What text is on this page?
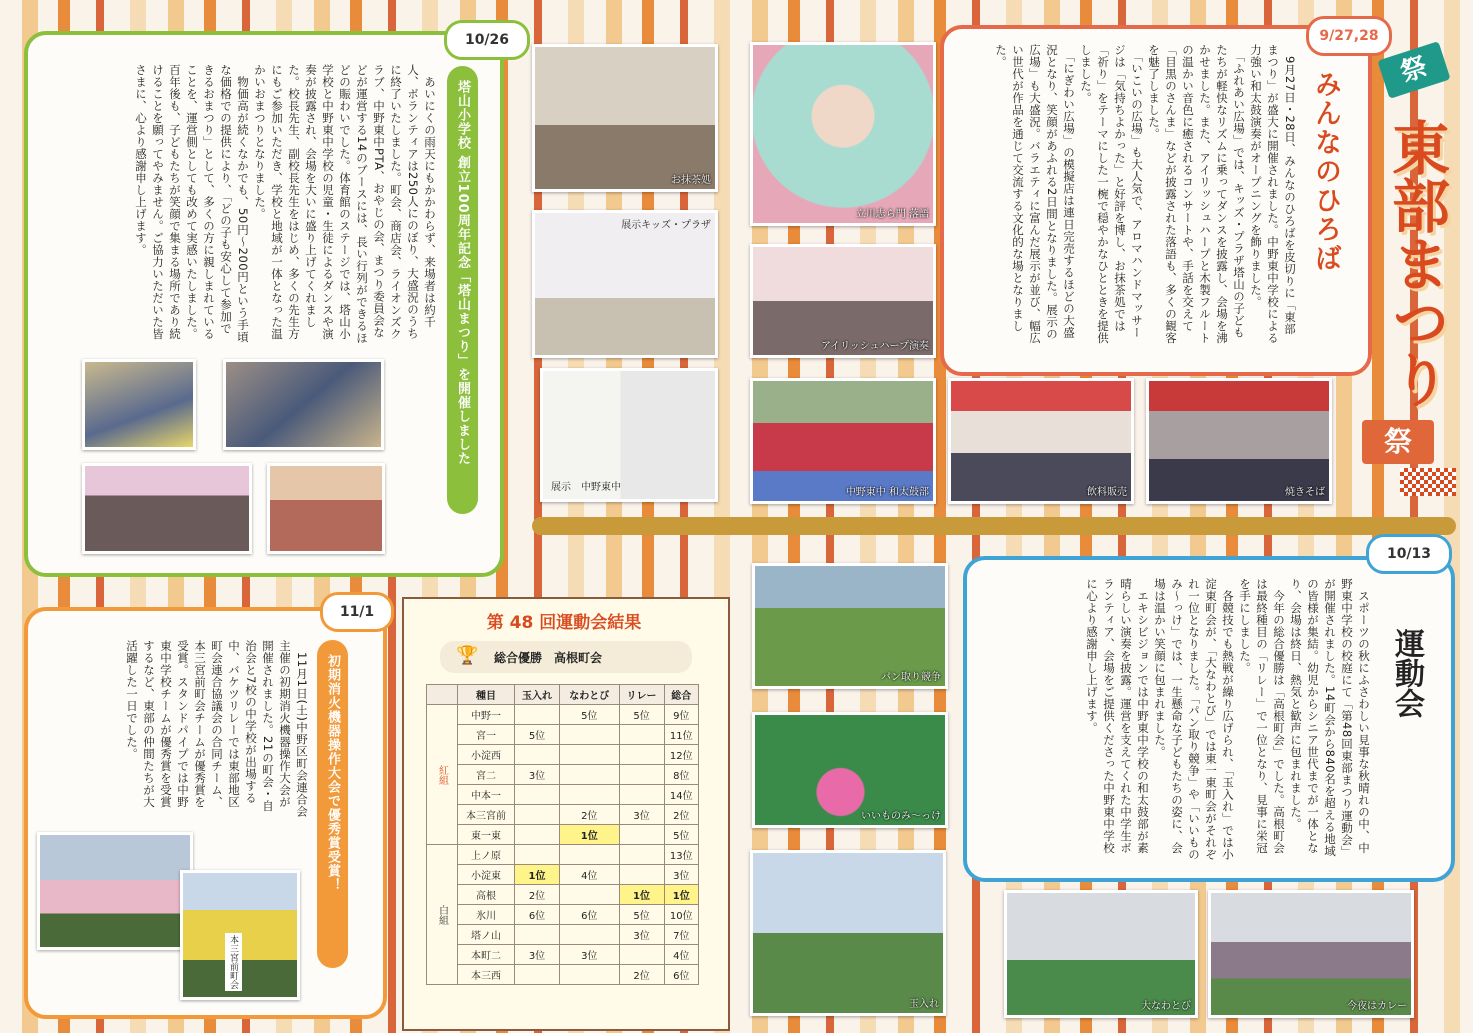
10/26
塔山小学校 創立100周年記念「塔山まつり」を開催しました
　あいにくの雨天にもかかわらず、来場者は約千人、ボランティアは250人にのぼり、大盛況のうちに終了いたしました。町会、商店会、ライオンズクラブ、中野東中PTA、おやじの会、まつり委員会などが運営する14のブースには、長い行列ができるほどの賑わいでした。体育館のステージでは、塔山小学校と中野東中学校の児童・生徒によるダンスや演奏が披露され、会場を大いに盛り上げてくれました。校長先生、副校長先生をはじめ、多くの先生方にもご参加いただき、学校と地域が一体となった温かいおまつりとなりました。
　物価高が続くなかでも、50円～200円という手頃な価格での提供により、「どの子も安心して参加できるおまつり」として、多くの方に親しまれていることを、運営側としても改めて実感いたしました。百年後も、子どもたちが笑顔で集まる場所であり続けることを願ってやみません。ご協力いただいた皆さまに、心より感謝申し上げます。	お抹茶処
立川志ら門 落語
展示キッズ・プラザ
アイリッシュハープ演奏
展示　中野東中	中野東中 和太鼓部	飲料販売	焼きそば
9/27,28
みんなのひろば
　9月27日・28日、みんなのひろばを皮切りに「東部まつり」が盛大に開催されました。中野東中学校による力強い和太鼓演奏がオープニングを飾りました。
　「ふれあい広場」では、キッズ・プラザ塔山の子どもたちが軽快なリズムに乗ってダンスを披露し、会場を沸かせました。また、アイリッシュハープと木製フルートの温かい音色に癒されるコンサートや、手話を交えて「目黒のさんま」などが披露された落語も、多くの観客を魅了しました。
　「いこいの広場」も大人気で、アロマハンドマッサージは「気持ちよかった」と好評を博し、お抹茶処では「祈り」をテーマにした一椀で穏やかなひとときを提供しました。
　「にぎわい広場」の模擬店は連日完売するほどの大盛況となり、笑顔があふれる2日間となりました。展示の広場」も大盛況。バラエティに富んだ展示が並び、幅広い世代が作品を通じて交流する文化的な場となりました。	祭
東部まつり
祭
10/13
運動会
　スポーツの秋にふさわしい見事な秋晴れの中、中野東中学校の校庭にて「第48回東部まつり運動会」が開催されました。14町会から840名を超える地域の皆様が集結。幼児からシニア世代までが一体となり、会場は終日、熱気と歓声に包まれました。
　今年の総合優勝は「高根町会」でした。高根町会は最終種目の「リレー」で一位となり、見事に栄冠を手にしました。
　各競技でも熱戦が繰り広げられ、「玉入れ」では小淀東町会が、「大なわとび」では東一東町会がそれぞれ一位となりました。「パン取り競争」や「いいものみ～っけ」では、一生懸命な子どもたちの姿に、会場は温かい笑顔に包まれました。
　エキシビジョンでは中野東中学校の和太鼓部が素晴らしい演奏を披露。運営を支えてくれた中学生ボランティア、会場をご提供くださった中野東中学校に心より感謝申し上げます。
パン取り競争
いいものみ～っけ
玉入れ	大なわとび	今夜はカレー
第 48 回運動会結果
🏆 総合優勝　高根町会
	種目	玉入れ	なわとび	リレー	総合
紅組	中野一		5位	5位	9位
	宮一	5位			11位
	小淀西				12位
	宮二	3位			8位
	中本一				14位
	本三宮前		2位	3位	2位
	東一東		1位		5位
白組	上ノ原				13位
	小淀東	1位	4位		3位
	高根	2位		1位	1位
	氷川	6位	6位	5位	10位
	塔ノ山			3位	7位
	本町二	3位	3位		4位
	本三西			2位	6位
11/1
初期消火機器操作大会で優秀賞受賞！
　11月1日(土)中野区町会連合会主催の初期消火機器操作大会が開催されました。21の町会・自治会と7校の中学校が出場する中、バケツリレーでは東部地区町会連合協議会の合同チーム、本三宮前町会チームが優秀賞を受賞。スタンドパイプでは中野東中学校チームが優秀賞を受賞するなど、東部の仲間たちが大活躍した一日でした。
本三宮前町会
